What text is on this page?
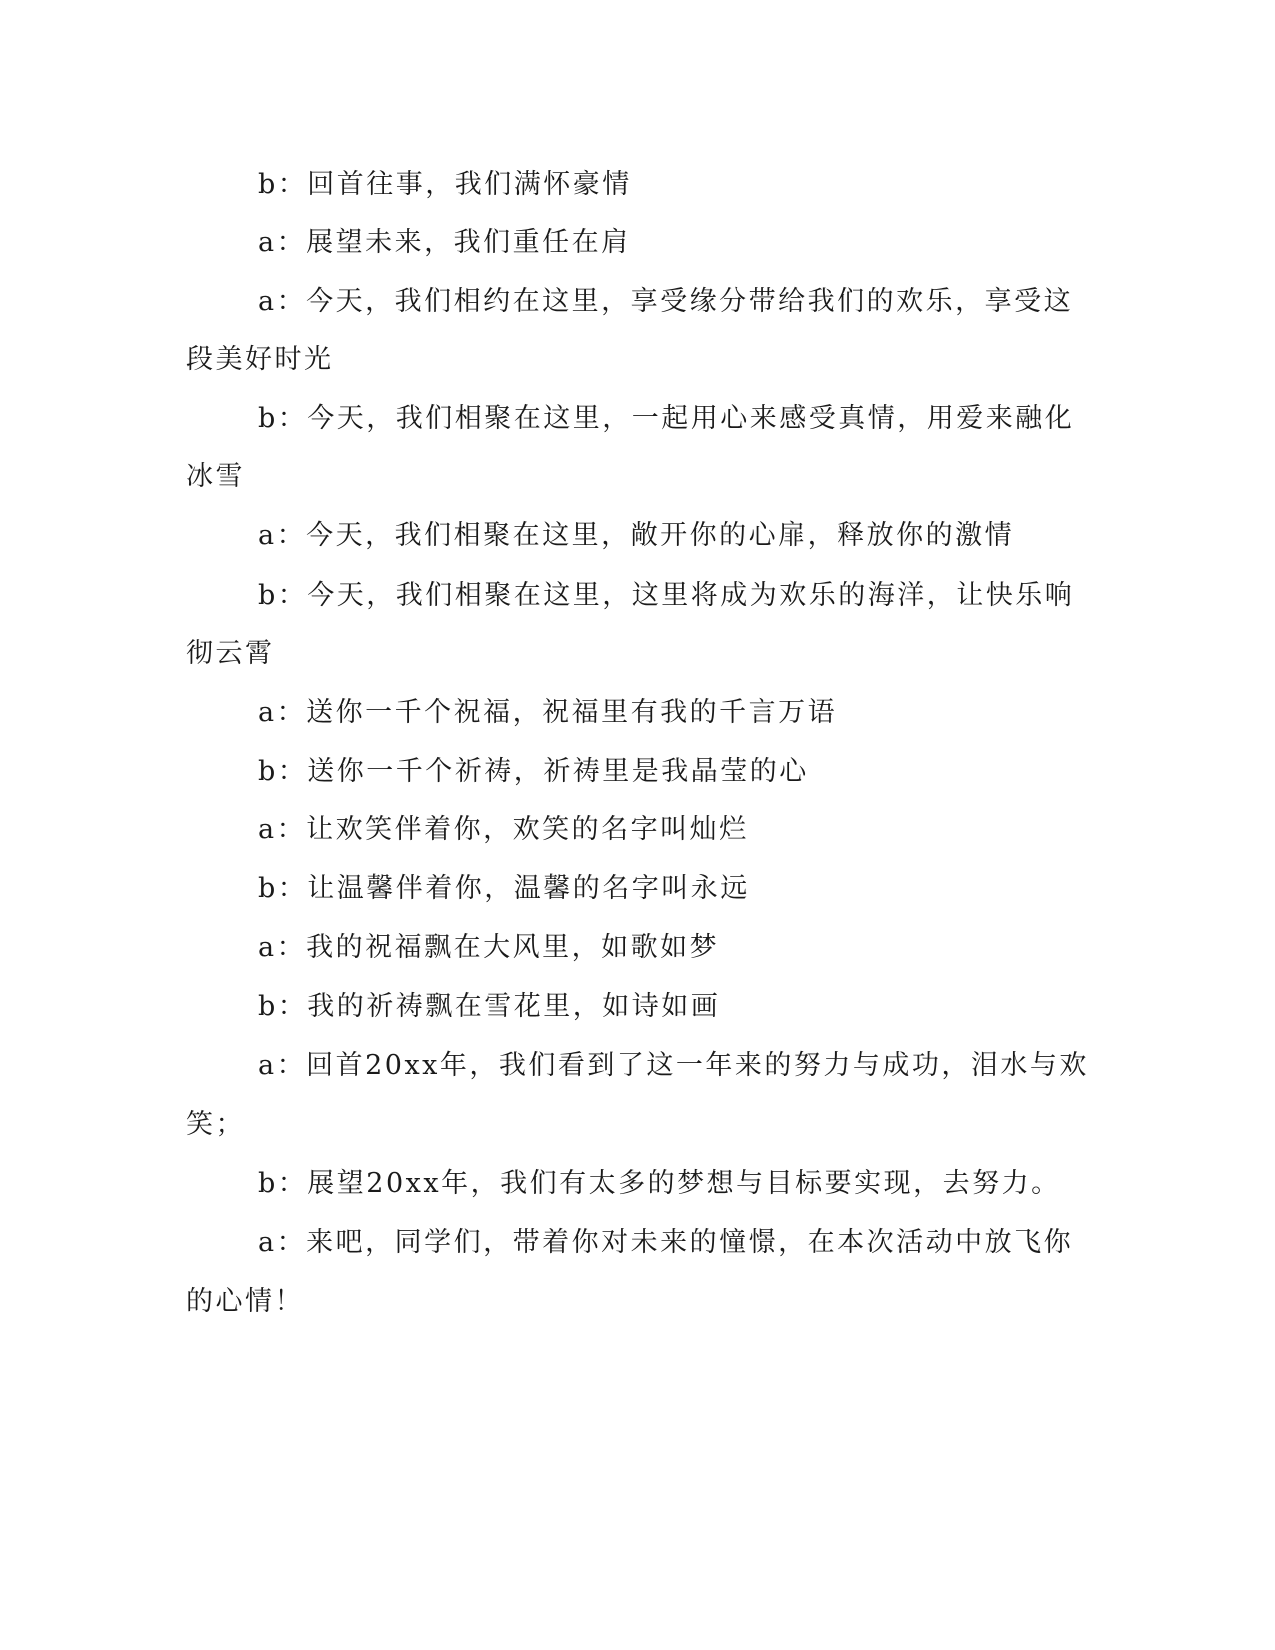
b：回首往事，我们满怀豪情
a：展望未来，我们重任在肩
a：今天，我们相约在这里，享受缘分带给我们的欢乐，享受这
段美好时光
b：今天，我们相聚在这里，一起用心来感受真情，用爱来融化
冰雪
a：今天，我们相聚在这里，敞开你的心扉，释放你的激情
b：今天，我们相聚在这里，这里将成为欢乐的海洋，让快乐响
彻云霄
a：送你一千个祝福，祝福里有我的千言万语
b：送你一千个祈祷，祈祷里是我晶莹的心
a：让欢笑伴着你，欢笑的名字叫灿烂
b：让温馨伴着你，温馨的名字叫永远
a：我的祝福飘在大风里，如歌如梦
b：我的祈祷飘在雪花里，如诗如画
a：回首20xx年，我们看到了这一年来的努力与成功，泪水与欢
笑；
b：展望20xx年，我们有太多的梦想与目标要实现，去努力。
a：来吧，同学们，带着你对未来的憧憬，在本次活动中放飞你
的心情！
